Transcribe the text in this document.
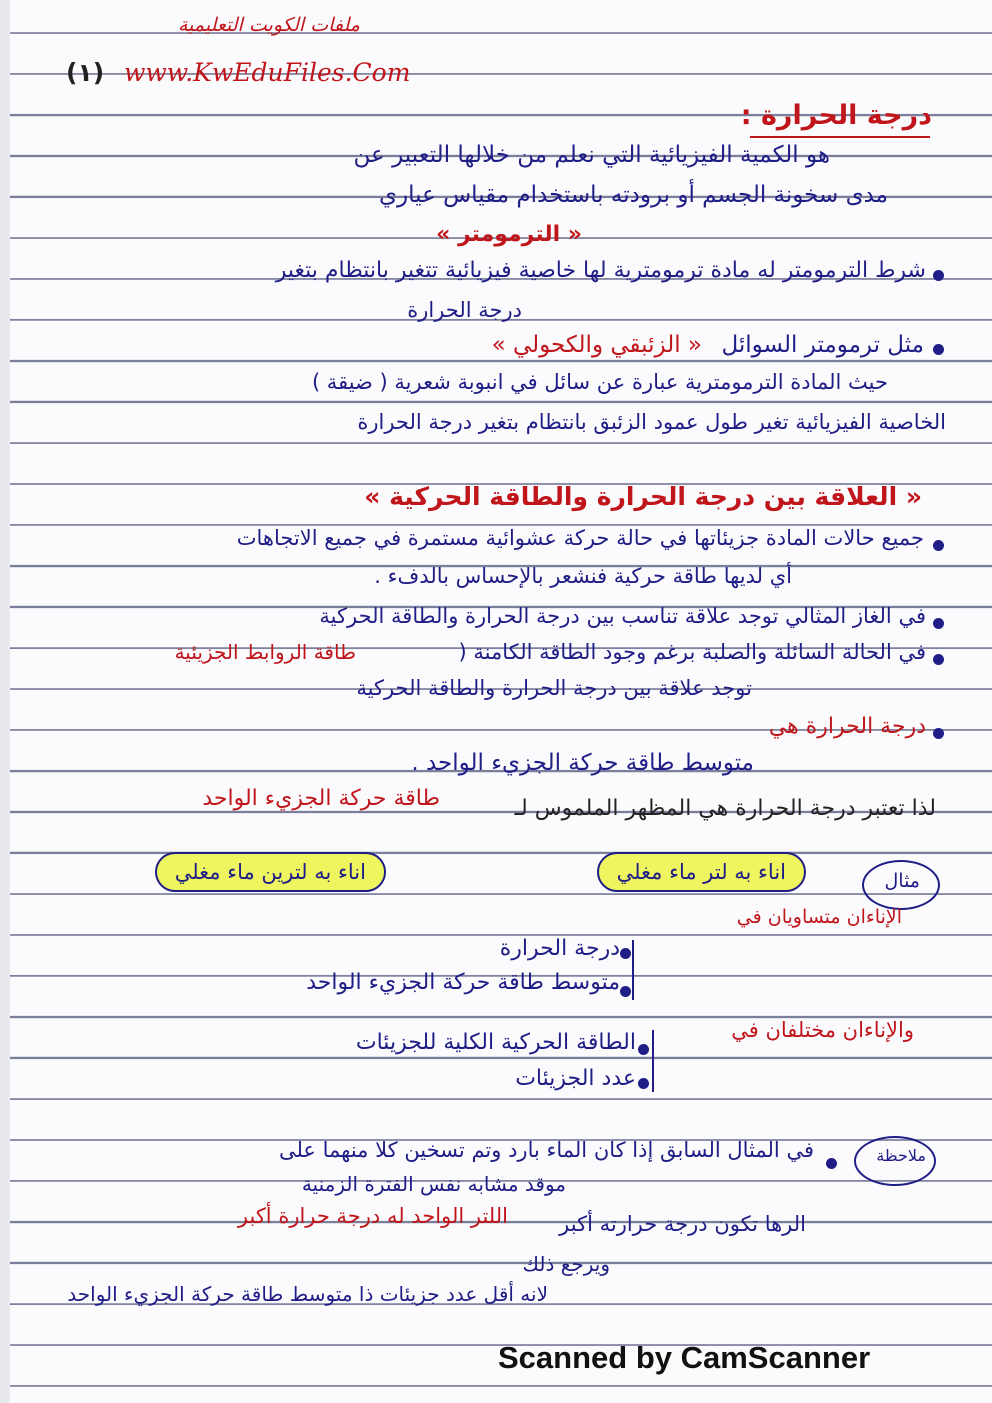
ملفات الكويت التعليمية
www.KwEduFiles.Com
(١)
درجة الحرارة :
هو الكمية الفيزيائية التي نعلم من خلالها التعبير عن
مدى سخونة الجسم أو برودته باستخدام مقياس عياري
« الترمومتر »
شرط الترمومتر له مادة ترمومترية لها خاصية فيزيائية تتغير بانتظام بتغير
درجة الحرارة
مثل ترمومتر السوائل
« الزئبقي والكحولي »
حيث المادة الترمومترية عبارة عن سائل في انبوبة شعرية ( ضيقة )
الخاصية الفيزيائية تغير طول عمود الزئبق بانتظام بتغير درجة الحرارة
« العلاقة بين درجة الحرارة والطاقة الحركية »
جميع حالات المادة جزيئاتها في حالة حركة عشوائية مستمرة في جميع الاتجاهات
أي لديها طاقة حركية فنشعر بالإحساس بالدفء .
في الغاز المثالي توجد علاقة تناسب بين درجة الحرارة والطاقة الحركية
في الحالة السائلة والصلبة برغم وجود الطاقة الكامنة (
طاقة الروابط الجزيئية
توجد علاقة بين درجة الحرارة والطاقة الحركية
درجة الحرارة هي
متوسط طاقة حركة الجزيء الواحد .
لذا تعتبر درجة الحرارة هي المظهر الملموس لـ
طاقة حركة الجزيء الواحد
مثال
اناء به لتر ماء مغلي
اناء به لترين ماء مغلي
الإناءان متساويان في
درجة الحرارة
متوسط طاقة حركة الجزيء الواحد
والإناءان مختلفان في
الطاقة الحركية الكلية للجزيئات
عدد الجزيئات
ملاحظة
في المثال السابق إذا كان الماء بارد وتم تسخين كلا منهما على
موقد مشابه نفس الفترة الزمنية
الرها تكون درجة حرارته أكبر
اللتر الواحد له درجة حرارة أكبر
ويرجع ذلك
لانه أقل عدد جزيئات ذا متوسط طاقة حركة الجزيء الواحد
Scanned by CamScanner
